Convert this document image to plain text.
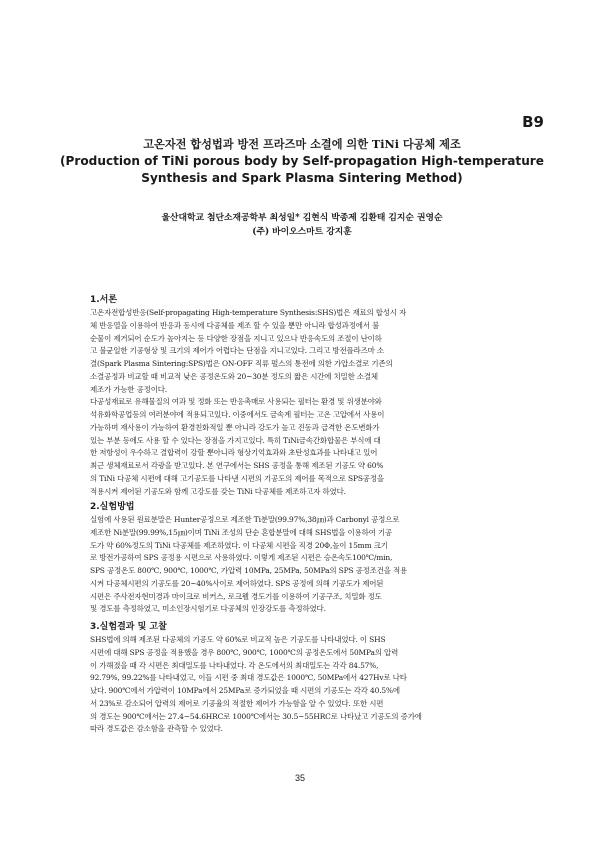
B9
고온자전 합성법과 방전 프라즈마 소결에 의한 TiNi 다공체 제조
(Production of TiNi porous body by Self-propagation High-temperature
Synthesis and Spark Plasma Sintering Method)
울산대학교 첨단소재공학부 최성일* 김현식 박종제 김환태 김지순 권영순
(주) 바이오스마트 강지훈
1.서론
고온자전합성반응(Self-propagating High-temperature Synthesis:SHS)법은 재료의 합성시 자
체 반응열을 이용하여 반응과 동시에 다공체를 제조 할 수 있을 뿐만 아니라 합성과정에서 불
순물이 제거되어 순도가 높아지는 등 다양한 장점을 지니고 있으나 반응속도의 조절이 난이하
고 불균일한 기공형상 및 크기의 제어가 어렵다는 단점을 지니고있다. 그리고 방전플라즈마 소
결(Spark Plasma Sintering:SPS)법은 ON-OFF 직류 펄스의 통전에 의한 가압소결로 기존의
소결공정과 비교할 때 비교적 낮은 공정온도와 20~30분 정도의 짧은 시간에 치밀한 소결체
제조가 가능한 공정이다.
다공성재료로 유해물질의 여과 및 정화 또는 반응촉매로 사용되는 필터는 환경 및 위생분야와
석유화학공업등의 여러분야에 적용되고있다. 이중에서도 금속계 필터는 고온 고압에서 사용이
가능하며 재사용이 가능하여 환경친화적일 뿐 아니라 강도가 높고 진동과 급격한 온도변화가
있는 부분 등에도 사용 할 수 있다는 장점을 가지고있다. 특히 TiNi금속간화합물은 부식에 대
한 저항성이 우수하고 결합력이 강할 뿐아니라 형상기억효과와 초탄성효과를 나타내고 있어
최근 생체재료로서 각광을 받고있다. 본 연구에서는 SHS 공정을 통해 제조된 기공도 약 60%
의 TiNi 다공체 시편에 대해 고기공도를 나타낸 시편의 기공도의 제어를 목적으로 SPS공정을
적용시켜 제어된 기공도와 함께 고강도를 갖는 TiNi 다공체를 제조하고자 하였다.
2.실험방법
실험에 사용된 원료분말은 Hunter공정으로 제조한 Ti분말(99.97%,38㎛)과 Carbonyl 공정으로
제조한 Ni분말(99.99%,15㎛)이며 TiNi 조성의 단순 혼합분말에 대해 SHS법을 이용하여 기공
도가 약 60%정도의 TiNi 다공체를 제조하였다. 이 다공체 시편을 직경 20Φ,높이 15mm 크기
로 방전가공하여 SPS 공정용 시편으로 사용하였다. 이렇게 제조된 시편은 승온속도100℃/min,
SPS 공정온도 800℃, 900℃, 1000℃, 가압력 10MPa, 25MPa, 50MPa의 SPS 공정조건을 적용
시켜 다공체시편의 기공도를 20~40%사이로 제어하였다. SPS 공정에 의해 기공도가 제어된
시편은 주사전자현미경과 마이크로 비커스, 로크웰 경도기를 이용하여 기공구조, 치밀화 정도
및 경도를 측정하였고, 미소인장시험기로 다공체의 인장강도를 측정하였다.
3.실험결과 및 고찰
SHS법에 의해 제조된 다공체의 기공도 약 60%로 비교적 높은 기공도를 나타내었다. 이 SHS
시편에 대해 SPS 공정을 적용했을 경우 800℃, 900℃, 1000℃의 공정온도에서 50MPa의 압력
이 가해졌을 때 각 시편은 최대밀도를 나타내었다. 각 온도에서의 최대밀도는 각각 84.57%,
92.79%, 99.22%를 나타내었고, 이들 시편 중 최대 경도값은 1000℃, 50MPa에서 427Hv로 나타
났다. 900℃에서 가압력이 10MPa에서 25MPa로 증가되었을 때 시편의 기공도는 각각 40.5%에
서 23%로 감소되어 압력의 제어로 기공율의 적절한 제어가 가능함을 알 수 있었다. 또한 시편
의 경도는 900℃에서는 27.4~54.6HRC로 1000℃에서는 30.5~55HRC로 나타났고 기공도의 증가에
따라 경도값은 감소함을 관측할 수 있었다.
35
